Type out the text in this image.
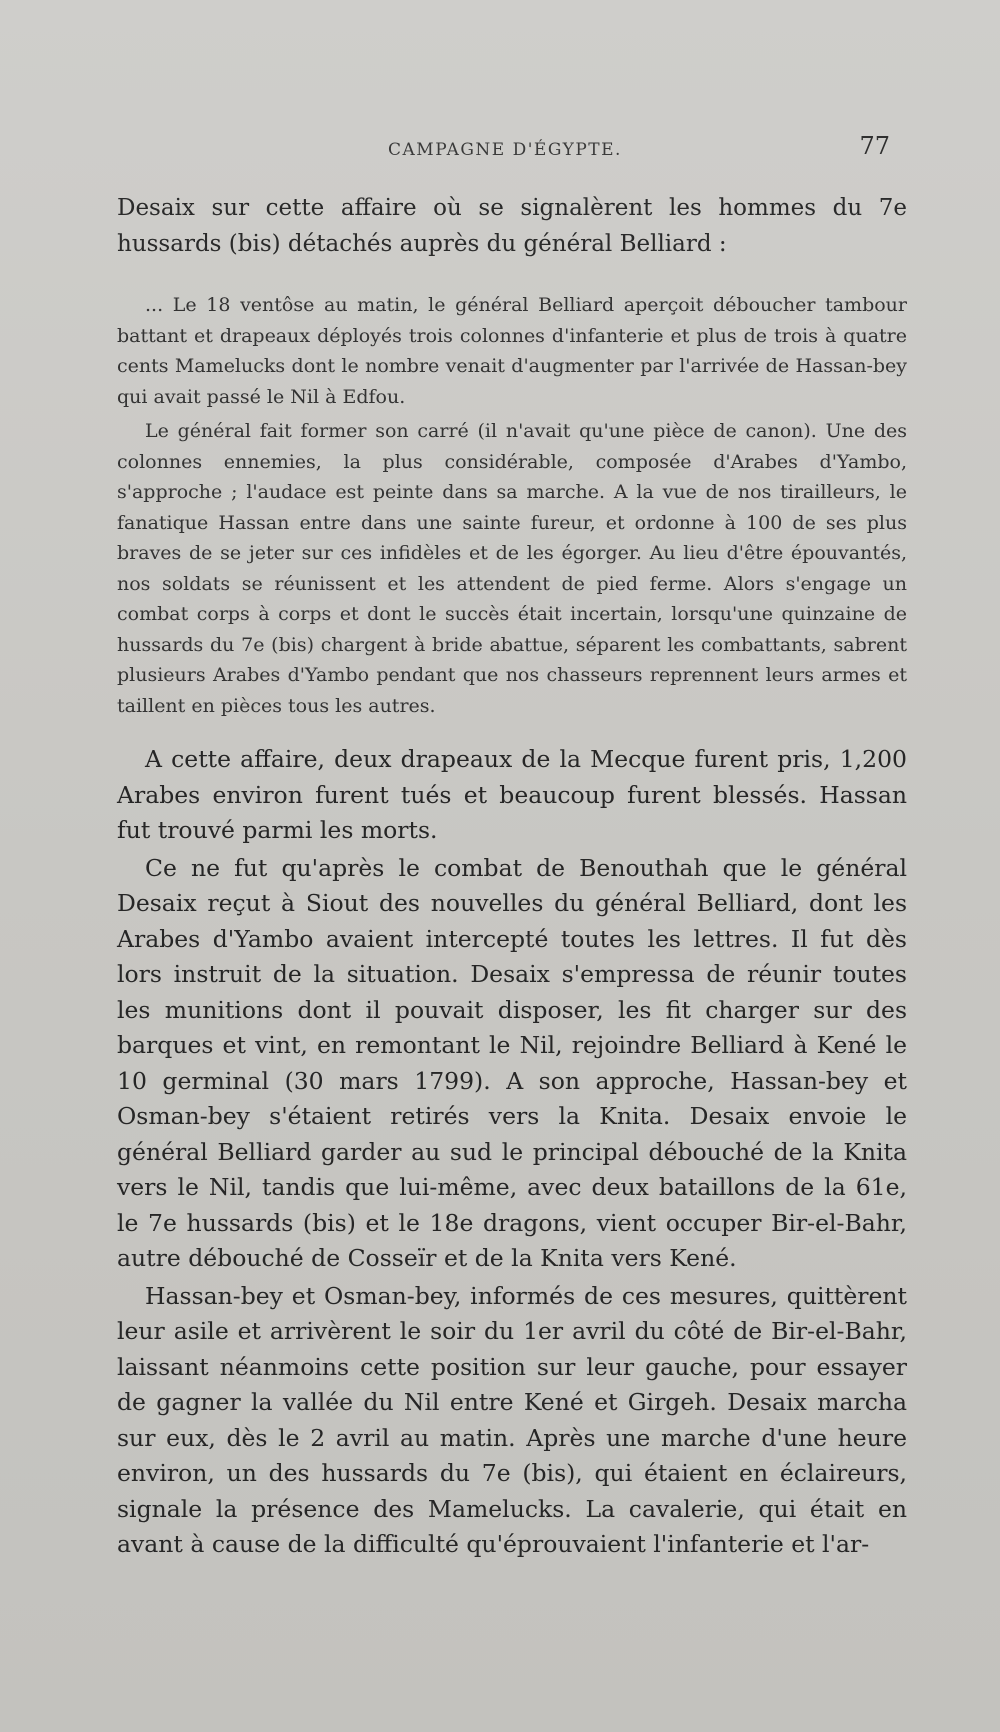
CAMPAGNE D'ÉGYPTE.	77

Desaix sur cette affaire où se signalèrent les hommes du 7e hussards (bis) détachés auprès du général Belliard :

... Le 18 ventôse au matin, le général Belliard aperçoit déboucher tambour battant et drapeaux déployés trois colonnes d'infanterie et plus de trois à quatre cents Mamelucks dont le nombre venait d'augmenter par l'arrivée de Hassan-bey qui avait passé le Nil à Edfou.

Le général fait former son carré (il n'avait qu'une pièce de canon). Une des colonnes ennemies, la plus considérable, composée d'Arabes d'Yambo, s'approche ; l'audace est peinte dans sa marche. A la vue de nos tirailleurs, le fanatique Hassan entre dans une sainte fureur, et ordonne à 100 de ses plus braves de se jeter sur ces infidèles et de les égorger. Au lieu d'être épouvantés, nos soldats se réunissent et les attendent de pied ferme. Alors s'engage un combat corps à corps et dont le succès était incertain, lorsqu'une quinzaine de hussards du 7e (bis) chargent à bride abattue, séparent les combattants, sabrent plusieurs Arabes d'Yambo pendant que nos chasseurs reprennent leurs armes et taillent en pièces tous les autres.

A cette affaire, deux drapeaux de la Mecque furent pris, 1,200 Arabes environ furent tués et beaucoup furent blessés. Hassan fut trouvé parmi les morts.

Ce ne fut qu'après le combat de Benouthah que le général Desaix reçut à Siout des nouvelles du général Belliard, dont les Arabes d'Yambo avaient intercepté toutes les lettres. Il fut dès lors instruit de la situation. Desaix s'empressa de réunir toutes les munitions dont il pouvait disposer, les fit charger sur des barques et vint, en remontant le Nil, rejoindre Belliard à Kené le 10 germinal (30 mars 1799). A son approche, Hassan-bey et Osman-bey s'étaient retirés vers la Knita. Desaix envoie le général Belliard garder au sud le principal débouché de la Knita vers le Nil, tandis que lui-même, avec deux bataillons de la 61e, le 7e hussards (bis) et le 18e dragons, vient occuper Bir-el-Bahr, autre débouché de Cosseïr et de la Knita vers Kené.

Hassan-bey et Osman-bey, informés de ces mesures, quittèrent leur asile et arrivèrent le soir du 1er avril du côté de Bir-el-Bahr, laissant néanmoins cette position sur leur gauche, pour essayer de gagner la vallée du Nil entre Kené et Girgeh. Desaix marcha sur eux, dès le 2 avril au matin. Après une marche d'une heure environ, un des hussards du 7e (bis), qui étaient en éclaireurs, signale la présence des Mamelucks. La cavalerie, qui était en avant à cause de la difficulté qu'éprouvaient l'infanterie et l'ar-
